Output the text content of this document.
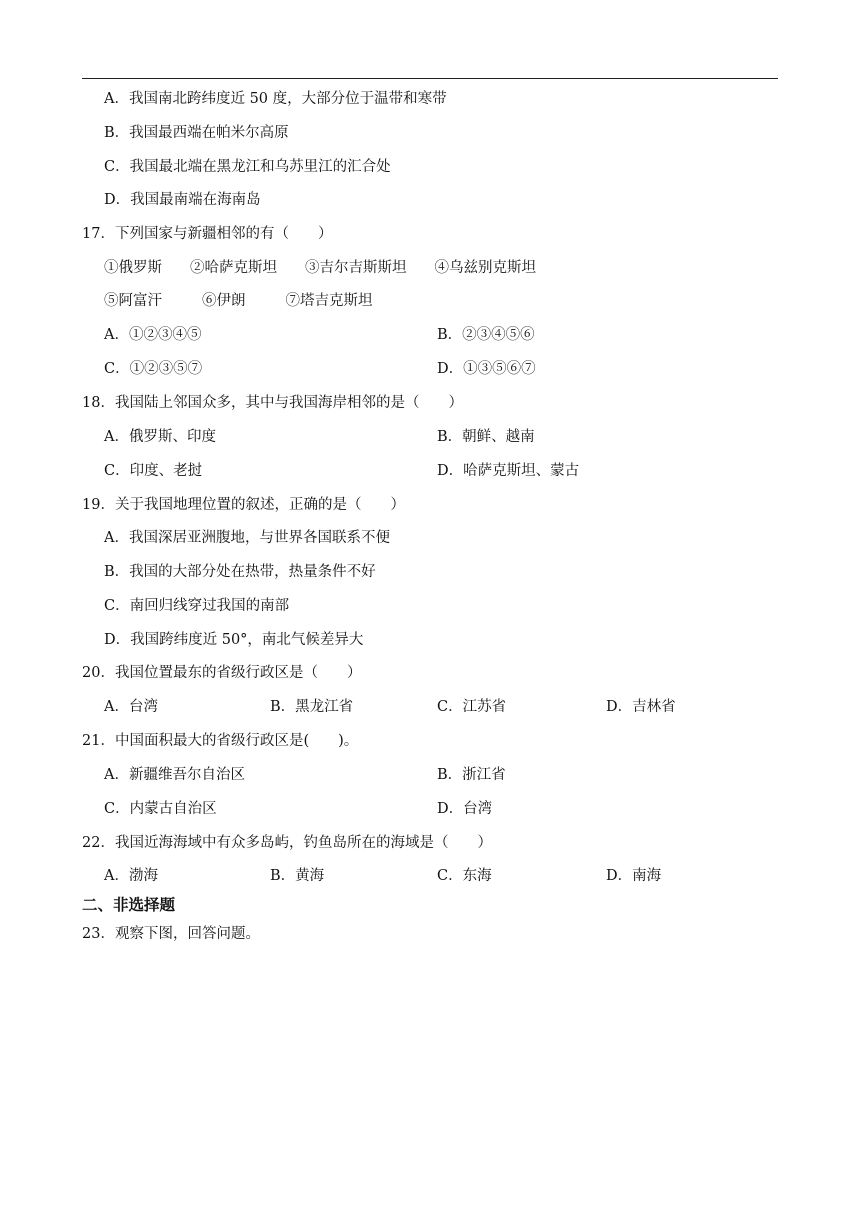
A．我国南北跨纬度近 50 度，大部分位于温带和寒带
B．我国最西端在帕米尔高原
C．我国最北端在黑龙江和乌苏里江的汇合处
D．我国最南端在海南岛
17．下列国家与新疆相邻的有（　　）
①俄罗斯 ②哈萨克斯坦 ③吉尔吉斯斯坦 ④乌兹别克斯坦
⑤阿富汗	⑥伊朗	⑦塔吉克斯坦
A．①②③④⑤	B．②③④⑤⑥
C．①②③⑤⑦	D．①③⑤⑥⑦
18．我国陆上邻国众多，其中与我国海岸相邻的是（　　）
A．俄罗斯、印度	B．朝鲜、越南
C．印度、老挝	D．哈萨克斯坦、蒙古
19．关于我国地理位置的叙述，正确的是（　　）
A．我国深居亚洲腹地，与世界各国联系不便
B．我国的大部分处在热带，热量条件不好
C．南回归线穿过我国的南部
D．我国跨纬度近 50°，南北气候差异大
20．我国位置最东的省级行政区是（　　）
A．台湾	B．黑龙江省	C．江苏省	D．吉林省
21．中国面积最大的省级行政区是(　　)。
A．新疆维吾尔自治区	B．浙江省
C．内蒙古自治区	D．台湾
22．我国近海海域中有众多岛屿，钓鱼岛所在的海域是（　　）
A．渤海	B．黄海	C．东海	D．南海
二、非选择题
23．观察下图，回答问题。
